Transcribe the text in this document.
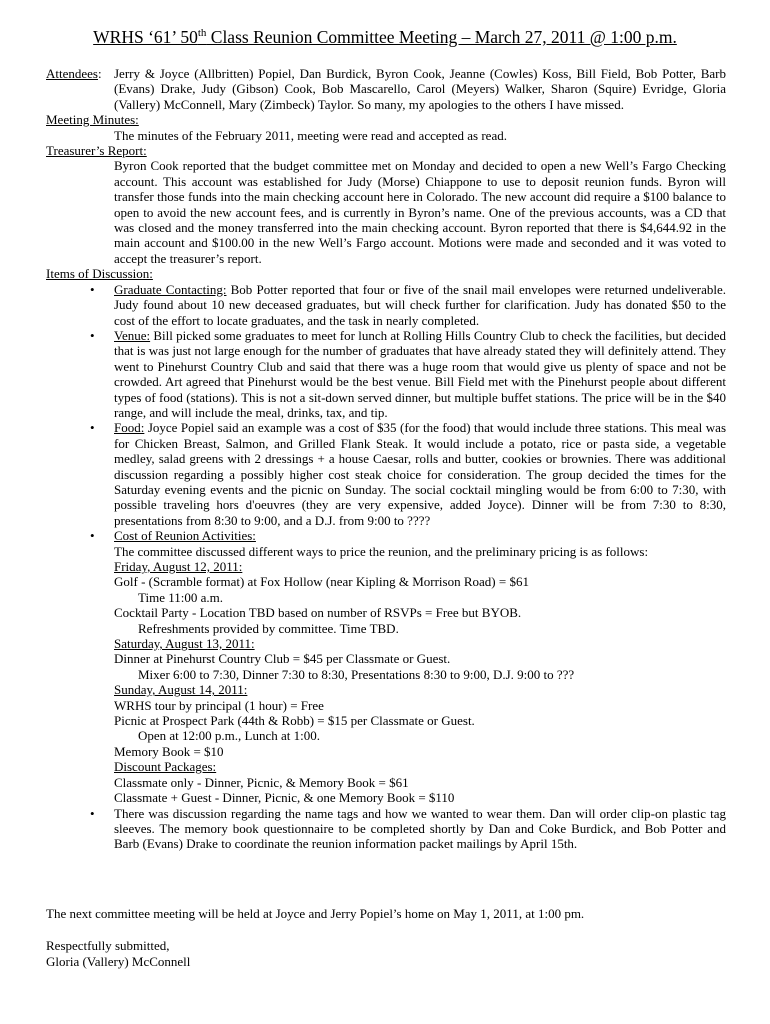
WRHS ‘61’ 50th Class Reunion Committee Meeting – March 27, 2011 @ 1:00 p.m.
Attendees: Jerry & Joyce (Allbritten) Popiel, Dan Burdick, Byron Cook, Jeanne (Cowles) Koss, Bill Field, Bob Potter, Barb (Evans) Drake, Judy (Gibson) Cook, Bob Mascarello, Carol (Meyers) Walker, Sharon (Squire) Evridge, Gloria (Vallery) McConnell, Mary (Zimbeck) Taylor. So many, my apologies to the others I have missed.
Meeting Minutes:
The minutes of the February 2011, meeting were read and accepted as read.
Treasurer’s Report:
Byron Cook reported that the budget committee met on Monday and decided to open a new Well’s Fargo Checking account. This account was established for Judy (Morse) Chiappone to use to deposit reunion funds. Byron will transfer those funds into the main checking account here in Colorado. The new account did require a $100 balance to open to avoid the new account fees, and is currently in Byron’s name. One of the previous accounts, was a CD that was closed and the money transferred into the main checking account. Byron reported that there is $4,644.92 in the main account and $100.00 in the new Well’s Fargo account. Motions were made and seconded and it was voted to accept the treasurer’s report.
Items of Discussion:
• Graduate Contacting: Bob Potter reported that four or five of the snail mail envelopes were returned undeliverable. Judy found about 10 new deceased graduates, but will check further for clarification. Judy has donated $50 to the cost of the effort to locate graduates, and the task in nearly completed.
• Venue: Bill picked some graduates to meet for lunch at Rolling Hills Country Club to check the facilities, but decided that is was just not large enough for the number of graduates that have already stated they will definitely attend. They went to Pinehurst Country Club and said that there was a huge room that would give us plenty of space and not be crowded. Art agreed that Pinehurst would be the best venue. Bill Field met with the Pinehurst people about different types of food (stations). This is not a sit-down served dinner, but multiple buffet stations. The price will be in the $40 range, and will include the meal, drinks, tax, and tip.
• Food: Joyce Popiel said an example was a cost of $35 (for the food) that would include three stations. This meal was for Chicken Breast, Salmon, and Grilled Flank Steak. It would include a potato, rice or pasta side, a vegetable medley, salad greens with 2 dressings + a house Caesar, rolls and butter, cookies or brownies. There was additional discussion regarding a possibly higher cost steak choice for consideration. The group decided the times for the Saturday evening events and the picnic on Sunday. The social cocktail mingling would be from 6:00 to 7:30, with possible traveling hors d'oeuvres (they are very expensive, added Joyce). Dinner will be from 7:30 to 8:30, presentations from 8:30 to 9:00, and a D.J. from 9:00 to ????
• Cost of Reunion Activities:
The committee discussed different ways to price the reunion, and the preliminary pricing is as follows:
Friday, August 12, 2011:
Golf - (Scramble format) at Fox Hollow (near Kipling & Morrison Road) = $61
Time 11:00 a.m.
Cocktail Party - Location TBD based on number of RSVPs = Free but BYOB.
Refreshments provided by committee. Time TBD.
Saturday, August 13, 2011:
Dinner at Pinehurst Country Club = $45 per Classmate or Guest.
Mixer 6:00 to 7:30, Dinner 7:30 to 8:30, Presentations 8:30 to 9:00, D.J. 9:00 to ???
Sunday, August 14, 2011:
WRHS tour by principal (1 hour) = Free
Picnic at Prospect Park (44th & Robb) = $15 per Classmate or Guest.
Open at 12:00 p.m., Lunch at 1:00.
Memory Book = $10
Discount Packages:
Classmate only - Dinner, Picnic, & Memory Book = $61
Classmate + Guest - Dinner, Picnic, & one Memory Book = $110
• There was discussion regarding the name tags and how we wanted to wear them. Dan will order clip-on plastic tag sleeves. The memory book questionnaire to be completed shortly by Dan and Coke Burdick, and Bob Potter and Barb (Evans) Drake to coordinate the reunion information packet mailings by April 15th.
The next committee meeting will be held at Joyce and Jerry Popiel’s home on May 1, 2011, at 1:00 pm.
Respectfully submitted,
Gloria (Vallery) McConnell
